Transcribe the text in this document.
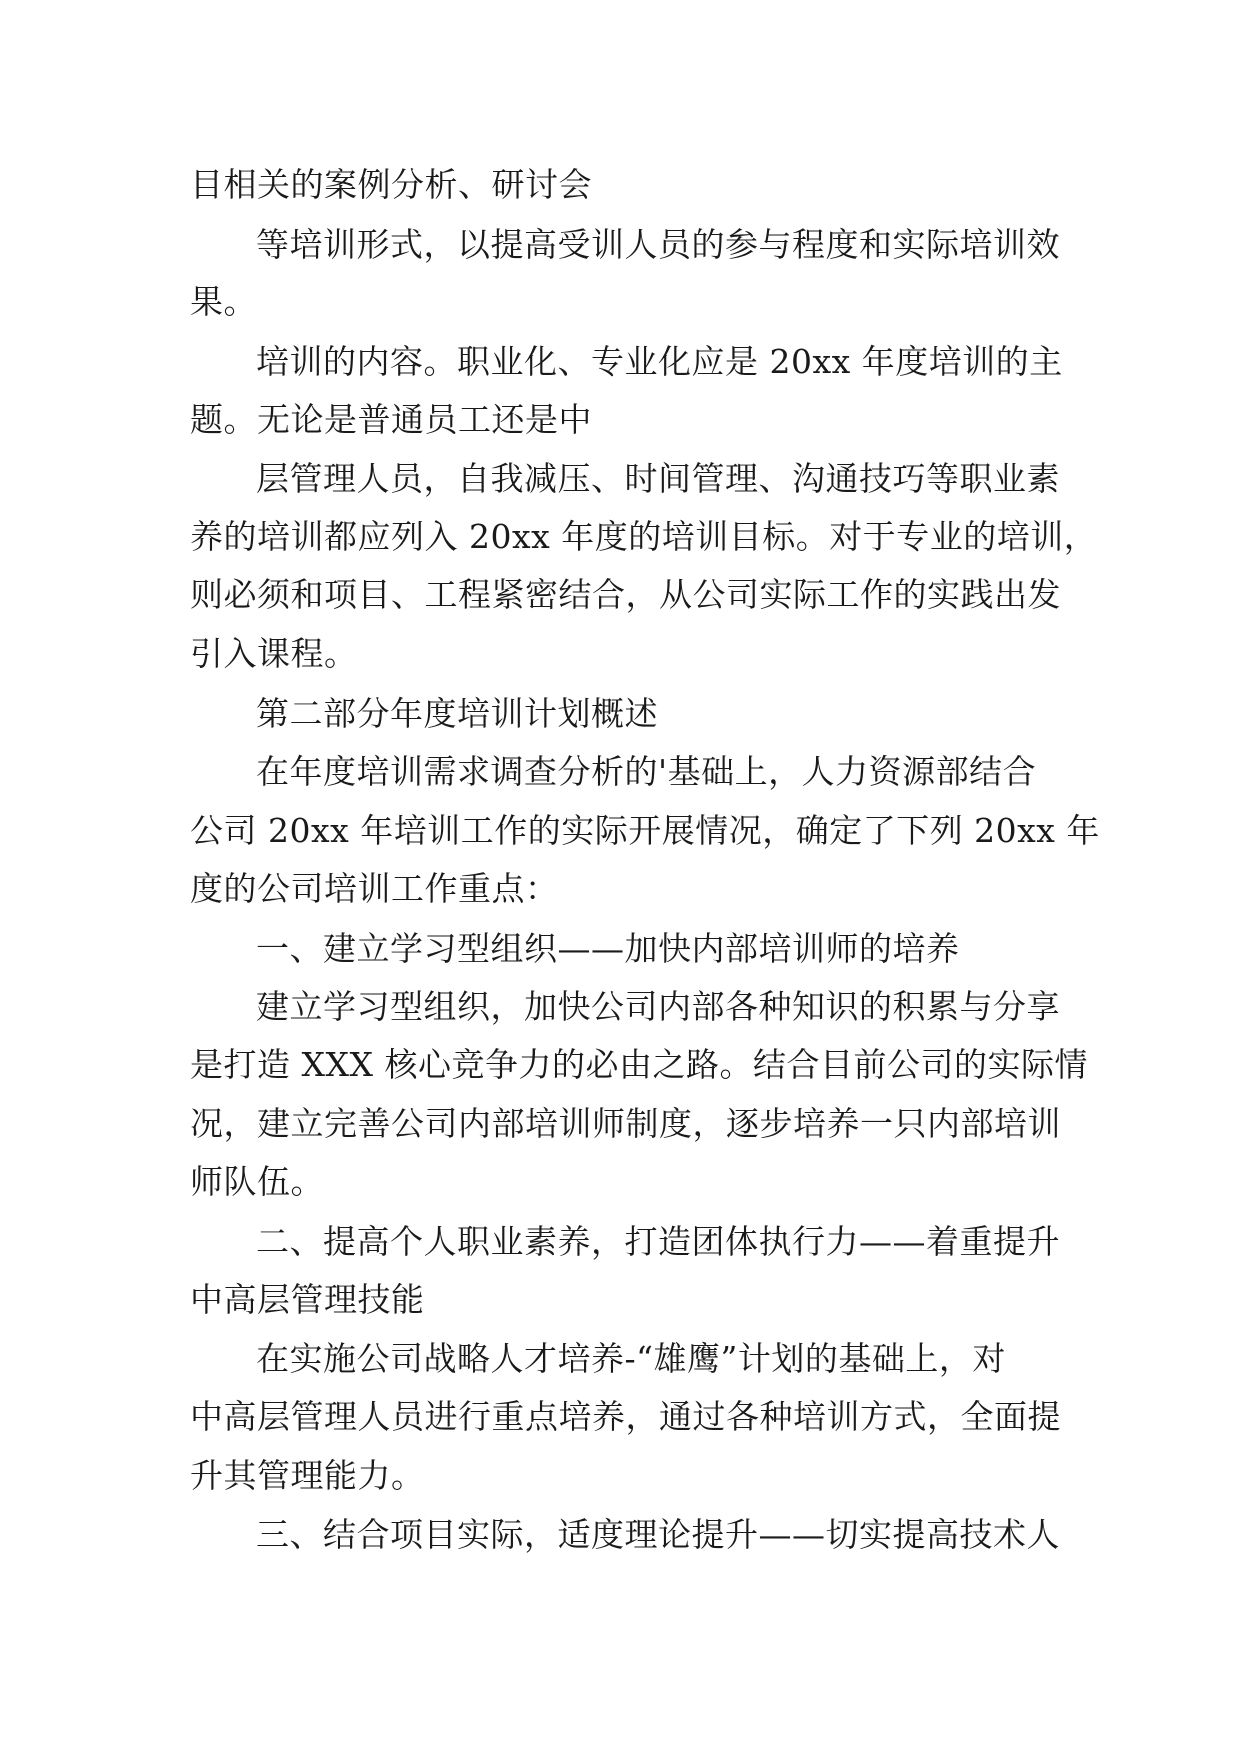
目相关的案例分析、研讨会
等培训形式，以提高受训人员的参与程度和实际培训效
果。
培训的内容。职业化、专业化应是 20xx 年度培训的主
题。无论是普通员工还是中
层管理人员，自我减压、时间管理、沟通技巧等职业素
养的培训都应列入 20xx 年度的培训目标。对于专业的培训，
则必须和项目、工程紧密结合，从公司实际工作的实践出发
引入课程。
第二部分年度培训计划概述
在年度培训需求调查分析的'基础上，人力资源部结合
公司 20xx 年培训工作的实际开展情况，确定了下列 20xx 年
度的公司培训工作重点：
一、建立学习型组织——加快内部培训师的培养
建立学习型组织，加快公司内部各种知识的积累与分享
是打造 XXX 核心竞争力的必由之路。结合目前公司的实际情
况，建立完善公司内部培训师制度，逐步培养一只内部培训
师队伍。
二、提高个人职业素养，打造团体执行力——着重提升
中高层管理技能
在实施公司战略人才培养-“雄鹰”计划的基础上，对
中高层管理人员进行重点培养，通过各种培训方式，全面提
升其管理能力。
三、结合项目实际，适度理论提升——切实提高技术人
